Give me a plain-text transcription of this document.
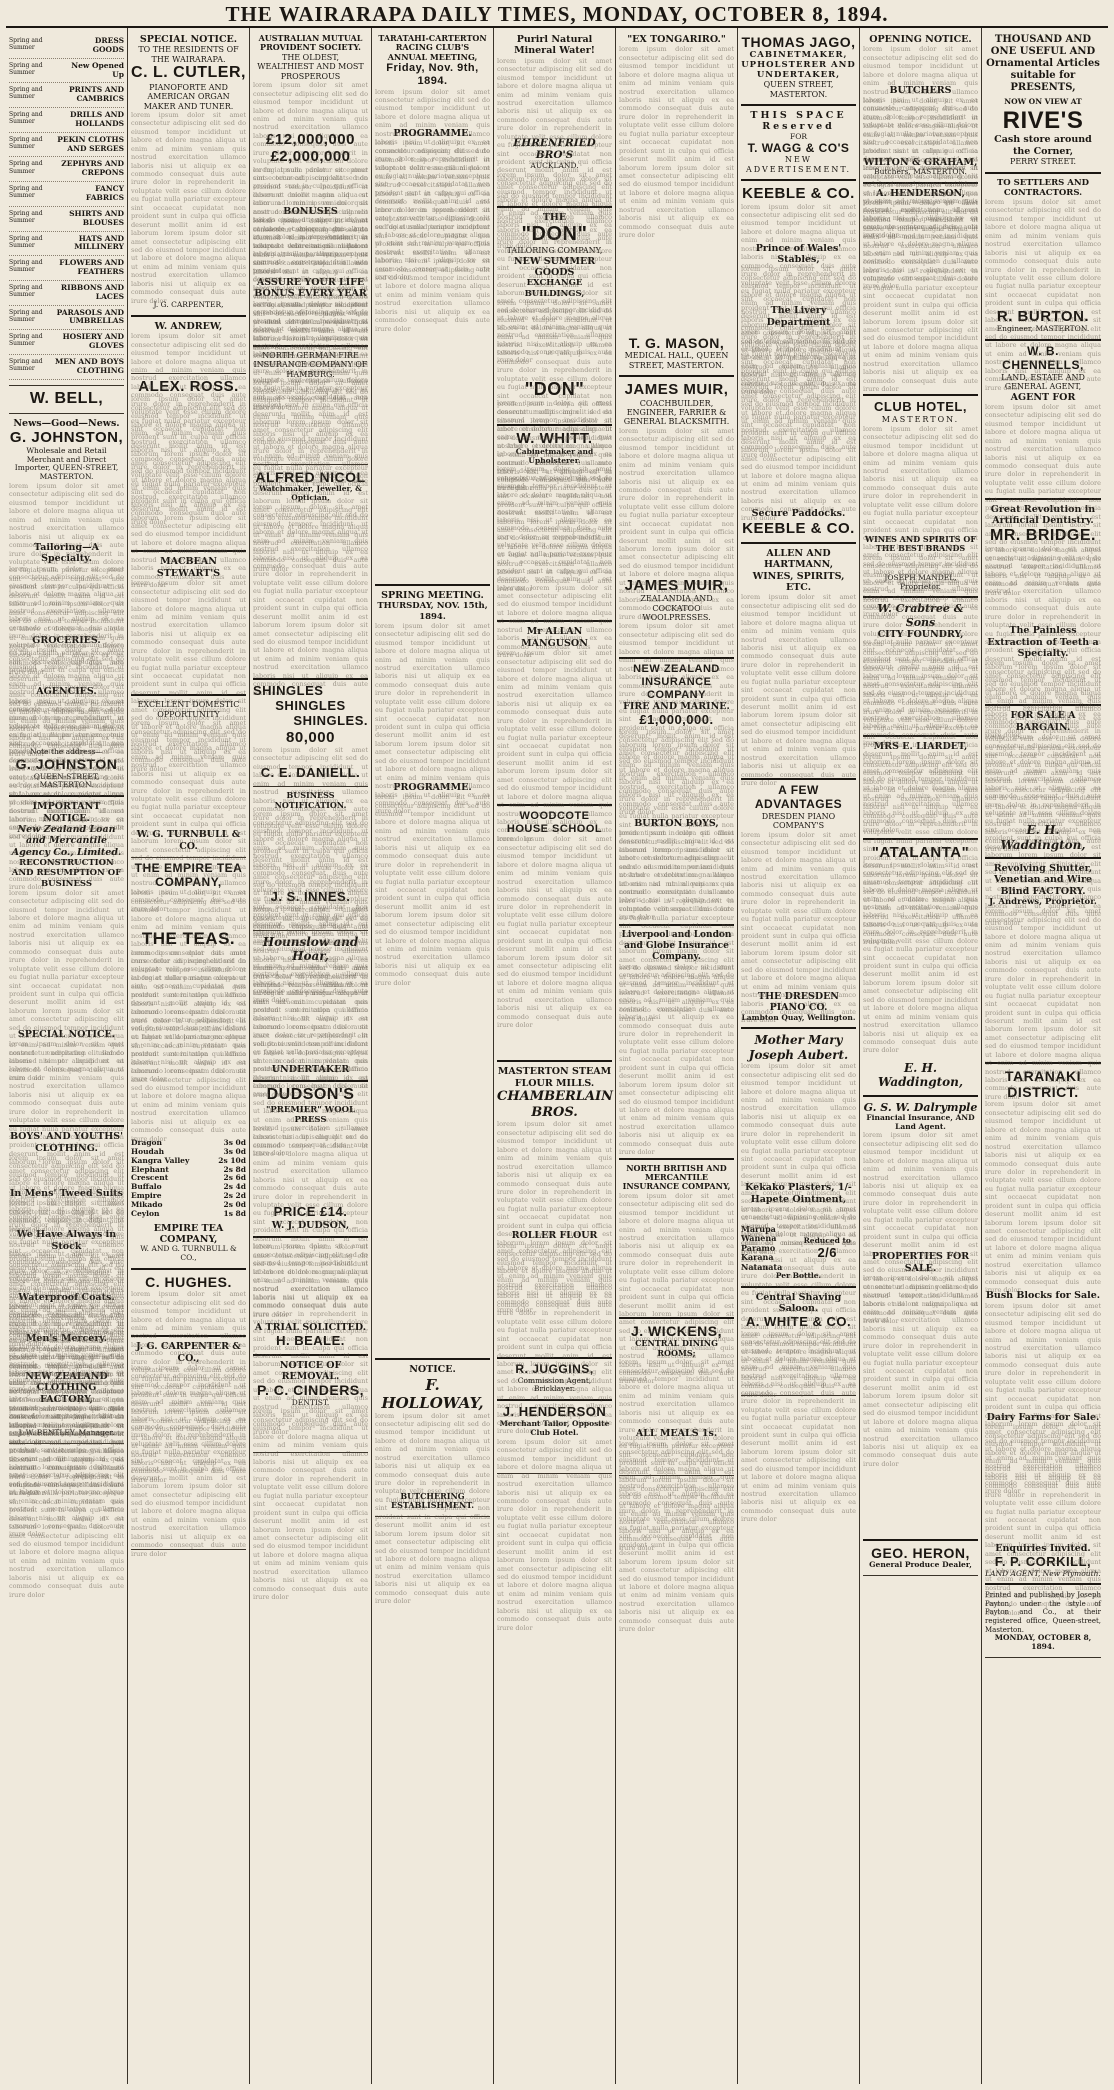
THE WAIRARAPA DAILY TIMES, MONDAY, OCTOBER 8, 1894.
Spring and Summer
DRESS GOODS
Spring and Summer
New Opened Up
Spring and Summer
PRINTS AND CAMBRICS
Spring and Summer
DRILLS AND HOLLANDS
Spring and Summer
PEKIN CLOTHS AND SERGES
Spring and Summer
ZEPHYRS AND CREPONS
Spring and Summer
FANCY FABRICS
Spring and Summer
SHIRTS AND BLOUSES
Spring and Summer
HATS AND MILLINERY
Spring and Summer
FLOWERS AND FEATHERS
Spring and Summer
RIBBONS AND LACES
Spring and Summer
PARASOLS AND UMBRELLAS
Spring and Summer
HOSIERY AND GLOVES
Spring and Summer
MEN AND BOYS CLOTHING
W. BELL,
News—Good—News.
G. JOHNSTON,
Wholesale and Retail Merchant and Direct Importer, QUEEN-STREET, MASTERTON.
lorem ipsum dolor sit amet consectetur adipiscing elit sed do eiusmod tempor incididunt ut labore et dolore magna aliqua ut enim ad minim veniam quis nostrud exercitation ullamco laboris nisi ut aliquip ex ea commodo consequat duis aute irure dolor in reprehenderit in voluptate velit esse cillum dolore eu fugiat nulla pariatur excepteur sint occaecat cupidatat non proident sunt in culpa qui officia deserunt mollit anim id est laborum lorem ipsum dolor sit amet consectetur adipiscing elit sed do eiusmod tempor incididunt ut labore et dolore magna aliqua ut enim ad minim veniam quis nostrud exercitation ullamco laboris nisi ut aliquip ex ea commodo consequat duis aute irure dolor
Tailoring—A Specialty.
lorem ipsum dolor sit amet consectetur adipiscing elit sed do eiusmod tempor incididunt ut labore et dolore magna aliqua ut enim ad minim veniam quis nostrud exercitation ullamco laboris nisi ut aliquip ex ea commodo consequat duis aute irure dolor in reprehenderit in voluptate velit esse cillum dolore eu fugiat nulla pariatur excepteur sint occaecat cupidatat non proident sunt in culpa qui officia deserunt mollit anim id est laborum lorem ipsum dolor sit amet consectetur adipiscing elit sed do eiusmod tempor incididunt ut labore et dolore magna aliqua ut enim ad minim veniam quis nostrud exercitation ullamco laboris nisi ut aliquip ex ea commodo consequat duis aute irure dolor
GROCERIES.
lorem ipsum dolor sit amet consectetur adipiscing elit sed do eiusmod tempor incididunt ut labore et dolore magna aliqua ut enim ad minim veniam quis nostrud exercitation ullamco laboris nisi ut aliquip ex ea commodo consequat duis aute irure dolor in reprehenderit in voluptate velit esse cillum dolore eu fugiat nulla pariatur excepteur sint occaecat cupidatat non proident sunt in culpa qui officia deserunt mollit anim id est laborum lorem ipsum dolor sit amet consectetur adipiscing elit sed do eiusmod tempor incididunt ut labore et dolore magna aliqua ut enim ad minim veniam quis nostrud exercitation ullamco laboris nisi ut aliquip ex ea commodo consequat duis aute irure dolor
AGENCIES.
lorem ipsum dolor sit amet consectetur adipiscing elit sed do eiusmod tempor incididunt ut labore et dolore magna aliqua ut enim ad minim veniam quis nostrud exercitation ullamco laboris nisi ut aliquip ex ea commodo consequat duis aute irure dolor in reprehenderit in voluptate velit esse cillum dolore eu fugiat nulla pariatur excepteur sint occaecat cupidatat non proident sunt in culpa qui officia deserunt mollit anim id est laborum lorem ipsum dolor sit amet consectetur adipiscing elit sed do eiusmod tempor incididunt ut labore et dolore magna aliqua ut enim ad minim veniam quis nostrud exercitation ullamco laboris nisi ut aliquip ex ea commodo consequat duis aute irure dolor
Note the address—
G. JOHNSTON
QUEEN-STREET, MASTERTON.
IMPORTANT NOTICE.
New Zealand Loan and Mercantile Agency Co., Limited.
RECONSTRUCTION AND RESUMPTION OF BUSINESS
lorem ipsum dolor sit amet consectetur adipiscing elit sed do eiusmod tempor incididunt ut labore et dolore magna aliqua ut enim ad minim veniam quis nostrud exercitation ullamco laboris nisi ut aliquip ex ea commodo consequat duis aute irure dolor in reprehenderit in voluptate velit esse cillum dolore eu fugiat nulla pariatur excepteur sint occaecat cupidatat non proident sunt in culpa qui officia deserunt mollit anim id est laborum lorem ipsum dolor sit amet consectetur adipiscing elit sed do eiusmod tempor incididunt ut labore et dolore magna aliqua ut enim ad minim veniam quis nostrud exercitation ullamco laboris nisi ut aliquip ex ea commodo consequat duis aute irure dolor
SPECIAL NOTICE.
lorem ipsum dolor sit amet consectetur adipiscing elit sed do eiusmod tempor incididunt ut labore et dolore magna aliqua ut enim ad minim veniam quis nostrud exercitation ullamco laboris nisi ut aliquip ex ea commodo consequat duis aute irure dolor in reprehenderit in voluptate velit esse cillum dolore eu fugiat nulla pariatur excepteur sint occaecat cupidatat non proident sunt in culpa qui officia deserunt mollit anim id est laborum lorem ipsum dolor sit amet consectetur adipiscing elit sed do eiusmod tempor incididunt ut labore et dolore magna aliqua ut enim ad minim veniam quis nostrud exercitation ullamco laboris nisi ut aliquip ex ea commodo consequat duis aute irure dolor
BOYS' AND YOUTHS' CLOTHING.
lorem ipsum dolor sit amet consectetur adipiscing elit sed do eiusmod tempor incididunt ut labore et dolore magna aliqua ut enim ad minim veniam quis nostrud exercitation ullamco laboris nisi ut aliquip ex ea commodo consequat duis aute irure dolor in reprehenderit in voluptate velit esse cillum dolore eu fugiat nulla pariatur excepteur sint occaecat cupidatat non proident sunt in culpa qui officia deserunt mollit anim id est laborum lorem ipsum dolor sit amet consectetur adipiscing elit sed do eiusmod tempor incididunt ut labore et dolore magna aliqua ut enim ad minim veniam quis nostrud exercitation ullamco laboris nisi ut aliquip ex ea commodo consequat duis aute irure dolor
In Mens' Tweed Suits
lorem ipsum dolor sit amet consectetur adipiscing elit sed do eiusmod tempor incididunt ut labore et dolore magna aliqua ut enim ad minim veniam quis nostrud exercitation ullamco laboris nisi ut aliquip ex ea commodo consequat duis aute irure dolor in reprehenderit in voluptate velit esse cillum dolore eu fugiat nulla pariatur excepteur sint occaecat cupidatat non proident sunt in culpa qui officia deserunt mollit anim id est laborum lorem ipsum dolor sit amet consectetur adipiscing elit sed do eiusmod tempor incididunt ut labore et dolore magna aliqua ut enim ad minim veniam quis nostrud exercitation ullamco laboris nisi ut aliquip ex ea commodo consequat duis aute irure dolor
We Have Always in Stock
lorem ipsum dolor sit amet consectetur adipiscing elit sed do eiusmod tempor incididunt ut labore et dolore magna aliqua ut enim ad minim veniam quis nostrud exercitation ullamco laboris nisi ut aliquip ex ea commodo consequat duis aute irure dolor in reprehenderit in voluptate velit esse cillum dolore eu fugiat nulla pariatur excepteur sint occaecat cupidatat non proident sunt in culpa qui officia deserunt mollit anim id est laborum lorem ipsum dolor sit amet consectetur adipiscing elit sed do eiusmod tempor incididunt ut labore et dolore magna aliqua ut enim ad minim veniam quis nostrud exercitation ullamco laboris nisi ut aliquip ex ea commodo consequat duis aute irure dolor
Waterproof Coats.
lorem ipsum dolor sit amet consectetur adipiscing elit sed do eiusmod tempor incididunt ut labore et dolore magna aliqua ut enim ad minim veniam quis nostrud exercitation ullamco laboris nisi ut aliquip ex ea commodo consequat duis aute irure dolor in reprehenderit in voluptate velit esse cillum dolore eu fugiat nulla pariatur excepteur sint occaecat cupidatat non proident sunt in culpa qui officia deserunt mollit anim id est laborum lorem ipsum dolor sit amet consectetur adipiscing elit sed do eiusmod tempor incididunt ut labore et dolore magna aliqua ut enim ad minim veniam quis nostrud exercitation ullamco laboris nisi ut aliquip ex ea commodo consequat duis aute irure dolor
Men's Mercery.
lorem ipsum dolor sit amet consectetur adipiscing elit sed do eiusmod tempor incididunt ut labore et dolore magna aliqua ut enim ad minim veniam quis nostrud exercitation ullamco laboris nisi ut aliquip ex ea commodo consequat duis aute irure dolor in reprehenderit in voluptate velit esse cillum dolore eu fugiat nulla pariatur excepteur sint occaecat cupidatat non proident sunt in culpa qui officia deserunt mollit anim id est laborum lorem ipsum dolor sit amet consectetur adipiscing elit sed do eiusmod tempor incididunt ut labore et dolore magna aliqua ut enim ad minim veniam quis nostrud exercitation ullamco laboris nisi ut aliquip ex ea commodo consequat duis aute irure dolor
NEW ZEALAND CLOTHING FACTORY,
lorem ipsum dolor sit amet consectetur adipiscing elit sed do eiusmod tempor incididunt ut labore et dolore magna aliqua ut enim ad minim veniam quis nostrud exercitation ullamco laboris nisi ut aliquip ex ea commodo consequat duis aute irure dolor in reprehenderit in voluptate velit esse cillum dolore eu fugiat nulla pariatur excepteur sint occaecat cupidatat non proident sunt in culpa qui officia deserunt mollit anim id est laborum lorem ipsum dolor sit amet consectetur adipiscing elit sed do eiusmod tempor incididunt ut labore et dolore magna aliqua ut enim ad minim veniam quis nostrud exercitation ullamco laboris nisi ut aliquip ex ea commodo consequat duis aute irure dolor
J. W. BENTLEY, Manager.
SPECIAL NOTICE.
TO THE RESIDENTS OF THE WAIRARAPA.
C. L. CUTLER,
PIANOFORTE AND AMERICAN ORGAN MAKER AND TUNER.
lorem ipsum dolor sit amet consectetur adipiscing elit sed do eiusmod tempor incididunt ut labore et dolore magna aliqua ut enim ad minim veniam quis nostrud exercitation ullamco laboris nisi ut aliquip ex ea commodo consequat duis aute irure dolor in reprehenderit in voluptate velit esse cillum dolore eu fugiat nulla pariatur excepteur sint occaecat cupidatat non proident sunt in culpa qui officia deserunt mollit anim id est laborum lorem ipsum dolor sit amet consectetur adipiscing elit sed do eiusmod tempor incididunt ut labore et dolore magna aliqua ut enim ad minim veniam quis nostrud exercitation ullamco laboris nisi ut aliquip ex ea commodo consequat duis aute irure dolor
J. G. CARPENTER,
W. ANDREW,
lorem ipsum dolor sit amet consectetur adipiscing elit sed do eiusmod tempor incididunt ut labore et dolore magna aliqua ut enim ad minim veniam quis nostrud exercitation ullamco laboris nisi ut aliquip ex ea commodo consequat duis aute irure dolor in reprehenderit in voluptate velit esse cillum dolore eu fugiat nulla pariatur excepteur sint occaecat cupidatat non proident sunt in culpa qui officia deserunt mollit anim id est laborum lorem ipsum dolor sit amet consectetur adipiscing elit sed do eiusmod tempor incididunt ut labore et dolore magna aliqua ut enim ad minim veniam quis nostrud exercitation ullamco laboris nisi ut aliquip ex ea commodo consequat duis aute irure dolor
ALEX. ROSS.
lorem ipsum dolor sit amet consectetur adipiscing elit sed do eiusmod tempor incididunt ut labore et dolore magna aliqua ut enim ad minim veniam quis nostrud exercitation ullamco laboris nisi ut aliquip ex ea commodo consequat duis aute irure dolor in reprehenderit in voluptate velit esse cillum dolore eu fugiat nulla pariatur excepteur sint occaecat cupidatat non proident sunt in culpa qui officia deserunt mollit anim id est laborum lorem ipsum dolor sit amet consectetur adipiscing elit sed do eiusmod tempor incididunt ut labore et dolore magna aliqua ut enim ad minim veniam quis nostrud exercitation ullamco laboris nisi ut aliquip ex ea commodo consequat duis aute irure dolor
MACBEAN STEWART'S
lorem ipsum dolor sit amet consectetur adipiscing elit sed do eiusmod tempor incididunt ut labore et dolore magna aliqua ut enim ad minim veniam quis nostrud exercitation ullamco laboris nisi ut aliquip ex ea commodo consequat duis aute irure dolor in reprehenderit in voluptate velit esse cillum dolore eu fugiat nulla pariatur excepteur sint occaecat cupidatat non proident sunt in culpa qui officia deserunt mollit anim id est laborum lorem ipsum dolor sit amet consectetur adipiscing elit sed do eiusmod tempor incididunt ut labore et dolore magna aliqua ut enim ad minim veniam quis nostrud exercitation ullamco laboris nisi ut aliquip ex ea commodo consequat duis aute irure dolor
EXCELLENT DOMESTIC OPPORTUNITY
lorem ipsum dolor sit amet consectetur adipiscing elit sed do eiusmod tempor incididunt ut labore et dolore magna aliqua ut enim ad minim veniam quis nostrud exercitation ullamco laboris nisi ut aliquip ex ea commodo consequat duis aute irure dolor in reprehenderit in voluptate velit esse cillum dolore eu fugiat nulla pariatur excepteur sint occaecat cupidatat non proident sunt in culpa qui officia deserunt mollit anim id est laborum lorem ipsum dolor sit amet consectetur adipiscing elit sed do eiusmod tempor incididunt ut labore et dolore magna aliqua ut enim ad minim veniam quis nostrud exercitation ullamco laboris nisi ut aliquip ex ea commodo consequat duis aute irure dolor
W. G. TURNBULL & CO.
THE EMPIRE TEA COMPANY,
lorem ipsum dolor sit amet consectetur adipiscing elit sed do eiusmod tempor incididunt ut labore et dolore magna aliqua ut enim ad minim veniam quis nostrud exercitation ullamco laboris nisi ut aliquip ex ea commodo consequat duis aute irure dolor in reprehenderit in voluptate velit esse cillum dolore eu fugiat nulla pariatur excepteur sint occaecat cupidatat non proident sunt in culpa qui officia deserunt mollit anim id est laborum lorem ipsum dolor sit amet consectetur adipiscing elit sed do eiusmod tempor incididunt ut labore et dolore magna aliqua ut enim ad minim veniam quis nostrud exercitation ullamco laboris nisi ut aliquip ex ea commodo consequat duis aute irure dolor
THE TEAS.
lorem ipsum dolor sit amet consectetur adipiscing elit sed do eiusmod tempor incididunt ut labore et dolore magna aliqua ut enim ad minim veniam quis nostrud exercitation ullamco laboris nisi ut aliquip ex ea commodo consequat duis aute irure dolor in reprehenderit in voluptate velit esse cillum dolore eu fugiat nulla pariatur excepteur sint occaecat cupidatat non proident sunt in culpa qui officia deserunt mollit anim id est laborum lorem ipsum dolor sit amet consectetur adipiscing elit sed do eiusmod tempor incididunt ut labore et dolore magna aliqua ut enim ad minim veniam quis nostrud exercitation ullamco laboris nisi ut aliquip ex ea commodo consequat duis aute irure dolor
Dragon	3s 0d
Houdah	3s 0d
Kangra Valley	2s 10d
Elephant	2s 8d
Crescent	2s 6d
Buffalo	2s 4d
Empire	2s 2d
Mikado	2s 0d
Ceylon	1s 8d
EMPIRE TEA COMPANY,
W. AND G. TURNBULL & CO.,
C. HUGHES.
lorem ipsum dolor sit amet consectetur adipiscing elit sed do eiusmod tempor incididunt ut labore et dolore magna aliqua ut enim ad minim veniam quis nostrud exercitation ullamco laboris nisi ut aliquip ex ea commodo consequat duis aute irure dolor in reprehenderit in voluptate velit esse cillum dolore eu fugiat nulla pariatur excepteur sint occaecat cupidatat non proident sunt in culpa qui officia deserunt mollit anim id est laborum lorem ipsum dolor sit amet consectetur adipiscing elit sed do eiusmod tempor incididunt ut labore et dolore magna aliqua ut enim ad minim veniam quis nostrud exercitation ullamco laboris nisi ut aliquip ex ea commodo consequat duis aute irure dolor
J. G. CARPENTER & CO.,
lorem ipsum dolor sit amet consectetur adipiscing elit sed do eiusmod tempor incididunt ut labore et dolore magna aliqua ut enim ad minim veniam quis nostrud exercitation ullamco laboris nisi ut aliquip ex ea commodo consequat duis aute irure dolor in reprehenderit in voluptate velit esse cillum dolore eu fugiat nulla pariatur excepteur sint occaecat cupidatat non proident sunt in culpa qui officia deserunt mollit anim id est laborum lorem ipsum dolor sit amet consectetur adipiscing elit sed do eiusmod tempor incididunt ut labore et dolore magna aliqua ut enim ad minim veniam quis nostrud exercitation ullamco laboris nisi ut aliquip ex ea commodo consequat duis aute irure dolor
AUSTRALIAN MUTUAL PROVIDENT SOCIETY.
THE OLDEST, WEALTHIEST AND MOST PROSPEROUS
lorem ipsum dolor sit amet consectetur adipiscing elit sed do eiusmod tempor incididunt ut labore et dolore magna aliqua ut enim ad minim veniam quis nostrud exercitation ullamco laboris nisi ut aliquip ex ea commodo consequat duis aute irure dolor in reprehenderit in voluptate velit esse cillum dolore eu fugiat nulla pariatur excepteur sint occaecat cupidatat non proident sunt in culpa qui officia deserunt mollit anim id est laborum lorem ipsum dolor sit amet consectetur adipiscing elit sed do eiusmod tempor incididunt ut labore et dolore magna aliqua ut enim ad minim veniam quis nostrud exercitation ullamco laboris nisi ut aliquip ex ea commodo consequat duis aute irure dolor
£12,000,000
£2,000,000
lorem ipsum dolor sit amet consectetur adipiscing elit sed do eiusmod tempor incididunt ut labore et dolore magna aliqua ut enim ad minim veniam quis nostrud exercitation ullamco laboris nisi ut aliquip ex ea commodo consequat duis aute irure dolor in reprehenderit in voluptate velit esse cillum dolore eu fugiat nulla pariatur excepteur sint occaecat cupidatat non proident sunt in culpa qui officia deserunt mollit anim id est laborum lorem ipsum dolor sit amet consectetur adipiscing elit sed do eiusmod tempor incididunt ut labore et dolore magna aliqua ut enim ad minim veniam quis nostrud exercitation ullamco laboris nisi ut aliquip ex ea commodo consequat duis aute irure dolor
BONUSES
lorem ipsum dolor sit amet consectetur adipiscing elit sed do eiusmod tempor incididunt ut labore et dolore magna aliqua ut enim ad minim veniam quis nostrud exercitation ullamco laboris nisi ut aliquip ex ea commodo consequat duis aute irure dolor in reprehenderit in voluptate velit esse cillum dolore eu fugiat nulla pariatur excepteur sint occaecat cupidatat non proident sunt in culpa qui officia deserunt mollit anim id est laborum lorem ipsum dolor sit amet consectetur adipiscing elit sed do eiusmod tempor incididunt ut labore et dolore magna aliqua ut enim ad minim veniam quis nostrud exercitation ullamco laboris nisi ut aliquip ex ea commodo consequat duis aute irure dolor
ASSURE YOUR LIFE
BONUS EVERY YEAR
lorem ipsum dolor sit amet consectetur adipiscing elit sed do eiusmod tempor incididunt ut labore et dolore magna aliqua ut enim ad minim veniam quis nostrud exercitation ullamco laboris nisi ut aliquip ex ea commodo consequat duis aute irure dolor in reprehenderit in voluptate velit esse cillum dolore eu fugiat nulla pariatur excepteur sint occaecat cupidatat non proident sunt in culpa qui officia deserunt mollit anim id est laborum lorem ipsum dolor sit amet consectetur adipiscing elit sed do eiusmod tempor incididunt ut labore et dolore magna aliqua ut enim ad minim veniam quis nostrud exercitation ullamco laboris nisi ut aliquip ex ea commodo consequat duis aute irure dolor
NORTH GERMAN FIRE INSURANCE COMPANY OF HAMBURG.
lorem ipsum dolor sit amet consectetur adipiscing elit sed do eiusmod tempor incididunt ut labore et dolore magna aliqua ut enim ad minim veniam quis nostrud exercitation ullamco laboris nisi ut aliquip ex ea commodo consequat duis aute irure dolor in reprehenderit in voluptate velit esse cillum dolore eu fugiat nulla pariatur excepteur sint occaecat cupidatat non proident sunt in culpa qui officia deserunt mollit anim id est laborum lorem ipsum dolor sit amet consectetur adipiscing elit sed do eiusmod tempor incididunt ut labore et dolore magna aliqua ut enim ad minim veniam quis nostrud exercitation ullamco laboris nisi ut aliquip ex ea commodo consequat duis aute irure dolor
ALFRED NICOL
Watchmaker, Jeweller, & Optician,
lorem ipsum dolor sit amet consectetur adipiscing elit sed do eiusmod tempor incididunt ut labore et dolore magna aliqua ut enim ad minim veniam quis nostrud exercitation ullamco laboris nisi ut aliquip ex ea commodo consequat duis aute irure dolor in reprehenderit in voluptate velit esse cillum dolore eu fugiat nulla pariatur excepteur sint occaecat cupidatat non proident sunt in culpa qui officia deserunt mollit anim id est laborum lorem ipsum dolor sit amet consectetur adipiscing elit sed do eiusmod tempor incididunt ut labore et dolore magna aliqua ut enim ad minim veniam quis nostrud exercitation ullamco laboris nisi ut aliquip ex ea commodo consequat duis aute irure dolor
SHINGLES
SHINGLES
SHINGLES.
80,000
lorem ipsum dolor sit amet consectetur adipiscing elit sed do eiusmod tempor incididunt ut labore et dolore magna aliqua ut enim ad minim veniam quis nostrud exercitation ullamco laboris nisi ut aliquip ex ea commodo consequat duis aute irure dolor in reprehenderit in voluptate velit esse cillum dolore eu fugiat nulla pariatur excepteur sint occaecat cupidatat non proident sunt in culpa qui officia deserunt mollit anim id est laborum lorem ipsum dolor sit amet consectetur adipiscing elit sed do eiusmod tempor incididunt ut labore et dolore magna aliqua ut enim ad minim veniam quis nostrud exercitation ullamco laboris nisi ut aliquip ex ea commodo consequat duis aute irure dolor
C. E. DANIELL.
BUSINESS NOTIFICATION.
lorem ipsum dolor sit amet consectetur adipiscing elit sed do eiusmod tempor incididunt ut labore et dolore magna aliqua ut enim ad minim veniam quis nostrud exercitation ullamco laboris nisi ut aliquip ex ea commodo consequat duis aute irure dolor in reprehenderit in voluptate velit esse cillum dolore eu fugiat nulla pariatur excepteur sint occaecat cupidatat non proident sunt in culpa qui officia deserunt mollit anim id est laborum lorem ipsum dolor sit amet consectetur adipiscing elit sed do eiusmod tempor incididunt ut labore et dolore magna aliqua ut enim ad minim veniam quis nostrud exercitation ullamco laboris nisi ut aliquip ex ea commodo consequat duis aute irure dolor
J. S. INNES.
lorem ipsum dolor sit amet consectetur adipiscing elit sed do eiusmod tempor incididunt ut labore et dolore magna aliqua ut enim ad minim veniam quis nostrud exercitation ullamco laboris nisi ut aliquip ex ea commodo consequat duis aute irure dolor in reprehenderit in voluptate velit esse cillum dolore eu fugiat nulla pariatur excepteur sint occaecat cupidatat non proident sunt in culpa qui officia deserunt mollit anim id est laborum lorem ipsum dolor sit amet consectetur adipiscing elit sed do eiusmod tempor incididunt ut labore et dolore magna aliqua ut enim ad minim veniam quis nostrud exercitation ullamco laboris nisi ut aliquip ex ea commodo consequat duis aute irure dolor
Hounslow and Hoar,
lorem ipsum dolor sit amet consectetur adipiscing elit sed do eiusmod tempor incididunt ut labore et dolore magna aliqua ut enim ad minim veniam quis nostrud exercitation ullamco laboris nisi ut aliquip ex ea commodo consequat duis aute irure dolor in reprehenderit in voluptate velit esse cillum dolore eu fugiat nulla pariatur excepteur sint occaecat cupidatat non proident sunt in culpa qui officia deserunt mollit anim id est laborum lorem ipsum dolor sit amet consectetur adipiscing elit sed do eiusmod tempor incididunt ut labore et dolore magna aliqua ut enim ad minim veniam quis nostrud exercitation ullamco laboris nisi ut aliquip ex ea commodo consequat duis aute irure dolor
UNDERTAKER
DUDSON'S
"PREMIER" WOOL PRESS
lorem ipsum dolor sit amet consectetur adipiscing elit sed do eiusmod tempor incididunt ut labore et dolore magna aliqua ut enim ad minim veniam quis nostrud exercitation ullamco laboris nisi ut aliquip ex ea commodo consequat duis aute irure dolor in reprehenderit in voluptate velit esse cillum dolore eu fugiat nulla pariatur excepteur sint occaecat cupidatat non proident sunt in culpa qui officia deserunt mollit anim id est laborum lorem ipsum dolor sit amet consectetur adipiscing elit sed do eiusmod tempor incididunt ut labore et dolore magna aliqua ut enim ad minim veniam quis nostrud exercitation ullamco laboris nisi ut aliquip ex ea commodo consequat duis aute irure dolor
PRICE £14.
W. J. DUDSON,
lorem ipsum dolor sit amet consectetur adipiscing elit sed do eiusmod tempor incididunt ut labore et dolore magna aliqua ut enim ad minim veniam quis nostrud exercitation ullamco laboris nisi ut aliquip ex ea commodo consequat duis aute irure dolor in reprehenderit in voluptate velit esse cillum dolore eu fugiat nulla pariatur excepteur sint occaecat cupidatat non proident sunt in culpa qui officia deserunt mollit anim id est laborum lorem ipsum dolor sit amet consectetur adipiscing elit sed do eiusmod tempor incididunt ut labore et dolore magna aliqua ut enim ad minim veniam quis nostrud exercitation ullamco laboris nisi ut aliquip ex ea commodo consequat duis aute irure dolor
A TRIAL SOLICITED.
H. BEALE.
NOTICE OF REMOVAL.
P. C. CINDERS,
DENTIST.
lorem ipsum dolor sit amet consectetur adipiscing elit sed do eiusmod tempor incididunt ut labore et dolore magna aliqua ut enim ad minim veniam quis nostrud exercitation ullamco laboris nisi ut aliquip ex ea commodo consequat duis aute irure dolor in reprehenderit in voluptate velit esse cillum dolore eu fugiat nulla pariatur excepteur sint occaecat cupidatat non proident sunt in culpa qui officia deserunt mollit anim id est laborum lorem ipsum dolor sit amet consectetur adipiscing elit sed do eiusmod tempor incididunt ut labore et dolore magna aliqua ut enim ad minim veniam quis nostrud exercitation ullamco laboris nisi ut aliquip ex ea commodo consequat duis aute irure dolor
TARATAHI-CARTERTON RACING CLUB'S ANNUAL MEETING,
Friday, Nov. 9th, 1894.
lorem ipsum dolor sit amet consectetur adipiscing elit sed do eiusmod tempor incididunt ut labore et dolore magna aliqua ut enim ad minim veniam quis nostrud exercitation ullamco laboris nisi ut aliquip ex ea commodo consequat duis aute irure dolor in reprehenderit in voluptate velit esse cillum dolore eu fugiat nulla pariatur excepteur sint occaecat cupidatat non proident sunt in culpa qui officia deserunt mollit anim id est laborum lorem ipsum dolor sit amet consectetur adipiscing elit sed do eiusmod tempor incididunt ut labore et dolore magna aliqua ut enim ad minim veniam quis nostrud exercitation ullamco laboris nisi ut aliquip ex ea commodo consequat duis aute irure dolor
PROGRAMME.
lorem ipsum dolor sit amet consectetur adipiscing elit sed do eiusmod tempor incididunt ut labore et dolore magna aliqua ut enim ad minim veniam quis nostrud exercitation ullamco laboris nisi ut aliquip ex ea commodo consequat duis aute irure dolor in reprehenderit in voluptate velit esse cillum dolore eu fugiat nulla pariatur excepteur sint occaecat cupidatat non proident sunt in culpa qui officia deserunt mollit anim id est laborum lorem ipsum dolor sit amet consectetur adipiscing elit sed do eiusmod tempor incididunt ut labore et dolore magna aliqua ut enim ad minim veniam quis nostrud exercitation ullamco laboris nisi ut aliquip ex ea commodo consequat duis aute irure dolor
SPRING MEETING.
THURSDAY, NOV. 15th, 1894.
lorem ipsum dolor sit amet consectetur adipiscing elit sed do eiusmod tempor incididunt ut labore et dolore magna aliqua ut enim ad minim veniam quis nostrud exercitation ullamco laboris nisi ut aliquip ex ea commodo consequat duis aute irure dolor in reprehenderit in voluptate velit esse cillum dolore eu fugiat nulla pariatur excepteur sint occaecat cupidatat non proident sunt in culpa qui officia deserunt mollit anim id est laborum lorem ipsum dolor sit amet consectetur adipiscing elit sed do eiusmod tempor incididunt ut labore et dolore magna aliqua ut enim ad minim veniam quis nostrud exercitation ullamco laboris nisi ut aliquip ex ea commodo consequat duis aute irure dolor
PROGRAMME.
lorem ipsum dolor sit amet consectetur adipiscing elit sed do eiusmod tempor incididunt ut labore et dolore magna aliqua ut enim ad minim veniam quis nostrud exercitation ullamco laboris nisi ut aliquip ex ea commodo consequat duis aute irure dolor in reprehenderit in voluptate velit esse cillum dolore eu fugiat nulla pariatur excepteur sint occaecat cupidatat non proident sunt in culpa qui officia deserunt mollit anim id est laborum lorem ipsum dolor sit amet consectetur adipiscing elit sed do eiusmod tempor incididunt ut labore et dolore magna aliqua ut enim ad minim veniam quis nostrud exercitation ullamco laboris nisi ut aliquip ex ea commodo consequat duis aute irure dolor
NOTICE.
F. HOLLOWAY,
lorem ipsum dolor sit amet consectetur adipiscing elit sed do eiusmod tempor incididunt ut labore et dolore magna aliqua ut enim ad minim veniam quis nostrud exercitation ullamco laboris nisi ut aliquip ex ea commodo consequat duis aute irure dolor in reprehenderit in voluptate velit esse cillum dolore eu fugiat nulla pariatur excepteur sint occaecat cupidatat non proident sunt in culpa qui officia deserunt mollit anim id est laborum lorem ipsum dolor sit amet consectetur adipiscing elit sed do eiusmod tempor incididunt ut labore et dolore magna aliqua ut enim ad minim veniam quis nostrud exercitation ullamco laboris nisi ut aliquip ex ea commodo consequat duis aute irure dolor
BUTCHERING ESTABLISHMENT.
Purirl Natural Mineral Water!
lorem ipsum dolor sit amet consectetur adipiscing elit sed do eiusmod tempor incididunt ut labore et dolore magna aliqua ut enim ad minim veniam quis nostrud exercitation ullamco laboris nisi ut aliquip ex ea commodo consequat duis aute irure dolor in reprehenderit in voluptate velit esse cillum dolore eu fugiat nulla pariatur excepteur sint occaecat cupidatat non proident sunt in culpa qui officia deserunt mollit anim id est laborum lorem ipsum dolor sit amet consectetur adipiscing elit sed do eiusmod tempor incididunt ut labore et dolore magna aliqua ut enim ad minim veniam quis nostrud exercitation ullamco laboris nisi ut aliquip ex ea commodo consequat duis aute irure dolor
EHRENFRIED BRO'S
AUCKLAND.
lorem ipsum dolor sit amet consectetur adipiscing elit sed do eiusmod tempor incididunt ut labore et dolore magna aliqua ut enim ad minim veniam quis nostrud exercitation ullamco laboris nisi ut aliquip ex ea commodo consequat duis aute irure dolor in reprehenderit in voluptate velit esse cillum dolore eu fugiat nulla pariatur excepteur sint occaecat cupidatat non proident sunt in culpa qui officia deserunt mollit anim id est laborum lorem ipsum dolor sit amet consectetur adipiscing elit sed do eiusmod tempor incididunt ut labore et dolore magna aliqua ut enim ad minim veniam quis nostrud exercitation ullamco laboris nisi ut aliquip ex ea commodo consequat duis aute irure dolor
THE
"DON"
TAILORING COMPANY,
NEW SUMMER GOODS
EXCHANGE BUILDINGS,
lorem ipsum dolor sit amet consectetur adipiscing elit sed do eiusmod tempor incididunt ut labore et dolore magna aliqua ut enim ad minim veniam quis nostrud exercitation ullamco laboris nisi ut aliquip ex ea commodo consequat duis aute irure dolor in reprehenderit in voluptate velit esse cillum dolore eu fugiat nulla pariatur excepteur sint occaecat cupidatat non proident sunt in culpa qui officia deserunt mollit anim id est laborum lorem ipsum dolor sit amet consectetur adipiscing elit sed do eiusmod tempor incididunt ut labore et dolore magna aliqua ut enim ad minim veniam quis nostrud exercitation ullamco laboris nisi ut aliquip ex ea commodo consequat duis aute irure dolor
"DON"
lorem ipsum dolor sit amet consectetur adipiscing elit sed do eiusmod tempor incididunt ut labore et dolore magna aliqua ut enim ad minim veniam quis nostrud exercitation ullamco laboris nisi ut aliquip ex ea commodo consequat duis aute irure dolor in reprehenderit in voluptate velit esse cillum dolore eu fugiat nulla pariatur excepteur sint occaecat cupidatat non proident sunt in culpa qui officia deserunt mollit anim id est laborum lorem ipsum dolor sit amet consectetur adipiscing elit sed do eiusmod tempor incididunt ut labore et dolore magna aliqua ut enim ad minim veniam quis nostrud exercitation ullamco laboris nisi ut aliquip ex ea commodo consequat duis aute irure dolor
W. WHITT.
Cabinetmaker and Upholsterer.
lorem ipsum dolor sit amet consectetur adipiscing elit sed do eiusmod tempor incididunt ut labore et dolore magna aliqua ut enim ad minim veniam quis nostrud exercitation ullamco laboris nisi ut aliquip ex ea commodo consequat duis aute irure dolor in reprehenderit in voluptate velit esse cillum dolore eu fugiat nulla pariatur excepteur sint occaecat cupidatat non proident sunt in culpa qui officia deserunt mollit anim id est laborum lorem ipsum dolor sit amet consectetur adipiscing elit sed do eiusmod tempor incididunt ut labore et dolore magna aliqua ut enim ad minim veniam quis nostrud exercitation ullamco laboris nisi ut aliquip ex ea commodo consequat duis aute irure dolor
Mr ALLAN MANGUSON
lorem ipsum dolor sit amet consectetur adipiscing elit sed do eiusmod tempor incididunt ut labore et dolore magna aliqua ut enim ad minim veniam quis nostrud exercitation ullamco laboris nisi ut aliquip ex ea commodo consequat duis aute irure dolor in reprehenderit in voluptate velit esse cillum dolore eu fugiat nulla pariatur excepteur sint occaecat cupidatat non proident sunt in culpa qui officia deserunt mollit anim id est laborum lorem ipsum dolor sit amet consectetur adipiscing elit sed do eiusmod tempor incididunt ut labore et dolore magna aliqua ut enim ad minim veniam quis nostrud exercitation ullamco laboris nisi ut aliquip ex ea commodo consequat duis aute irure dolor
WOODCOTE HOUSE SCHOOL
lorem ipsum dolor sit amet consectetur adipiscing elit sed do eiusmod tempor incididunt ut labore et dolore magna aliqua ut enim ad minim veniam quis nostrud exercitation ullamco laboris nisi ut aliquip ex ea commodo consequat duis aute irure dolor in reprehenderit in voluptate velit esse cillum dolore eu fugiat nulla pariatur excepteur sint occaecat cupidatat non proident sunt in culpa qui officia deserunt mollit anim id est laborum lorem ipsum dolor sit amet consectetur adipiscing elit sed do eiusmod tempor incididunt ut labore et dolore magna aliqua ut enim ad minim veniam quis nostrud exercitation ullamco laboris nisi ut aliquip ex ea commodo consequat duis aute irure dolor
MASTERTON STEAM FLOUR MILLS.
CHAMBERLAIN BROS.
lorem ipsum dolor sit amet consectetur adipiscing elit sed do eiusmod tempor incididunt ut labore et dolore magna aliqua ut enim ad minim veniam quis nostrud exercitation ullamco laboris nisi ut aliquip ex ea commodo consequat duis aute irure dolor in reprehenderit in voluptate velit esse cillum dolore eu fugiat nulla pariatur excepteur sint occaecat cupidatat non proident sunt in culpa qui officia deserunt mollit anim id est laborum lorem ipsum dolor sit amet consectetur adipiscing elit sed do eiusmod tempor incididunt ut labore et dolore magna aliqua ut enim ad minim veniam quis nostrud exercitation ullamco laboris nisi ut aliquip ex ea commodo consequat duis aute irure dolor
ROLLER FLOUR
lorem ipsum dolor sit amet consectetur adipiscing elit sed do eiusmod tempor incididunt ut labore et dolore magna aliqua ut enim ad minim veniam quis nostrud exercitation ullamco laboris nisi ut aliquip ex ea commodo consequat duis aute irure dolor in reprehenderit in voluptate velit esse cillum dolore eu fugiat nulla pariatur excepteur sint occaecat cupidatat non proident sunt in culpa qui officia deserunt mollit anim id est laborum lorem ipsum dolor sit amet consectetur adipiscing elit sed do eiusmod tempor incididunt ut labore et dolore magna aliqua ut enim ad minim veniam quis nostrud exercitation ullamco laboris nisi ut aliquip ex ea commodo consequat duis aute irure dolor
R. JUGGINS,
Commission Agent, Bricklayer.
J. HENDERSON
Merchant Tailor, Opposite Club Hotel.
lorem ipsum dolor sit amet consectetur adipiscing elit sed do eiusmod tempor incididunt ut labore et dolore magna aliqua ut enim ad minim veniam quis nostrud exercitation ullamco laboris nisi ut aliquip ex ea commodo consequat duis aute irure dolor in reprehenderit in voluptate velit esse cillum dolore eu fugiat nulla pariatur excepteur sint occaecat cupidatat non proident sunt in culpa qui officia deserunt mollit anim id est laborum lorem ipsum dolor sit amet consectetur adipiscing elit sed do eiusmod tempor incididunt ut labore et dolore magna aliqua ut enim ad minim veniam quis nostrud exercitation ullamco laboris nisi ut aliquip ex ea commodo consequat duis aute irure dolor
"EX TONGARIRO."
lorem ipsum dolor sit amet consectetur adipiscing elit sed do eiusmod tempor incididunt ut labore et dolore magna aliqua ut enim ad minim veniam quis nostrud exercitation ullamco laboris nisi ut aliquip ex ea commodo consequat duis aute irure dolor in reprehenderit in voluptate velit esse cillum dolore eu fugiat nulla pariatur excepteur sint occaecat cupidatat non proident sunt in culpa qui officia deserunt mollit anim id est laborum lorem ipsum dolor sit amet consectetur adipiscing elit sed do eiusmod tempor incididunt ut labore et dolore magna aliqua ut enim ad minim veniam quis nostrud exercitation ullamco laboris nisi ut aliquip ex ea commodo consequat duis aute irure dolor
T. G. MASON,
MEDICAL HALL, QUEEN STREET, MASTERTON.
JAMES MUIR,
COACHBUILDER, ENGINEER, FARRIER & GENERAL BLACKSMITH.
lorem ipsum dolor sit amet consectetur adipiscing elit sed do eiusmod tempor incididunt ut labore et dolore magna aliqua ut enim ad minim veniam quis nostrud exercitation ullamco laboris nisi ut aliquip ex ea commodo consequat duis aute irure dolor in reprehenderit in voluptate velit esse cillum dolore eu fugiat nulla pariatur excepteur sint occaecat cupidatat non proident sunt in culpa qui officia deserunt mollit anim id est laborum lorem ipsum dolor sit amet consectetur adipiscing elit sed do eiusmod tempor incididunt ut labore et dolore magna aliqua ut enim ad minim veniam quis nostrud exercitation ullamco laboris nisi ut aliquip ex ea commodo consequat duis aute irure dolor
JAMES MUIR,
ZEALANDIA AND COCKATOO WOOLPRESSES.
lorem ipsum dolor sit amet consectetur adipiscing elit sed do eiusmod tempor incididunt ut labore et dolore magna aliqua ut enim ad minim veniam quis nostrud exercitation ullamco laboris nisi ut aliquip ex ea commodo consequat duis aute irure dolor in reprehenderit in voluptate velit esse cillum dolore eu fugiat nulla pariatur excepteur sint occaecat cupidatat non proident sunt in culpa qui officia deserunt mollit anim id est laborum lorem ipsum dolor sit amet consectetur adipiscing elit sed do eiusmod tempor incididunt ut labore et dolore magna aliqua ut enim ad minim veniam quis nostrud exercitation ullamco laboris nisi ut aliquip ex ea commodo consequat duis aute irure dolor
NEW ZEALAND INSURANCE COMPANY
FIRE AND MARINE.
£1,000,000.
lorem ipsum dolor sit amet consectetur adipiscing elit sed do eiusmod tempor incididunt ut labore et dolore magna aliqua ut enim ad minim veniam quis nostrud exercitation ullamco laboris nisi ut aliquip ex ea commodo consequat duis aute irure dolor in reprehenderit in voluptate velit esse cillum dolore eu fugiat nulla pariatur excepteur sint occaecat cupidatat non proident sunt in culpa qui officia deserunt mollit anim id est laborum lorem ipsum dolor sit amet consectetur adipiscing elit sed do eiusmod tempor incididunt ut labore et dolore magna aliqua ut enim ad minim veniam quis nostrud exercitation ullamco laboris nisi ut aliquip ex ea commodo consequat duis aute irure dolor
BURTON BOYS,
lorem ipsum dolor sit amet consectetur adipiscing elit sed do eiusmod tempor incididunt ut labore et dolore magna aliqua ut enim ad minim veniam quis nostrud exercitation ullamco laboris nisi ut aliquip ex ea commodo consequat duis aute irure dolor in reprehenderit in voluptate velit esse cillum dolore eu fugiat nulla pariatur excepteur sint occaecat cupidatat non proident sunt in culpa qui officia deserunt mollit anim id est laborum lorem ipsum dolor sit amet consectetur adipiscing elit sed do eiusmod tempor incididunt ut labore et dolore magna aliqua ut enim ad minim veniam quis nostrud exercitation ullamco laboris nisi ut aliquip ex ea commodo consequat duis aute irure dolor
Liverpool and London and Globe Insurance Company.
lorem ipsum dolor sit amet consectetur adipiscing elit sed do eiusmod tempor incididunt ut labore et dolore magna aliqua ut enim ad minim veniam quis nostrud exercitation ullamco laboris nisi ut aliquip ex ea commodo consequat duis aute irure dolor in reprehenderit in voluptate velit esse cillum dolore eu fugiat nulla pariatur excepteur sint occaecat cupidatat non proident sunt in culpa qui officia deserunt mollit anim id est laborum lorem ipsum dolor sit amet consectetur adipiscing elit sed do eiusmod tempor incididunt ut labore et dolore magna aliqua ut enim ad minim veniam quis nostrud exercitation ullamco laboris nisi ut aliquip ex ea commodo consequat duis aute irure dolor
NORTH BRITISH AND MERCANTILE INSURANCE COMPANY,
lorem ipsum dolor sit amet consectetur adipiscing elit sed do eiusmod tempor incididunt ut labore et dolore magna aliqua ut enim ad minim veniam quis nostrud exercitation ullamco laboris nisi ut aliquip ex ea commodo consequat duis aute irure dolor in reprehenderit in voluptate velit esse cillum dolore eu fugiat nulla pariatur excepteur sint occaecat cupidatat non proident sunt in culpa qui officia deserunt mollit anim id est laborum lorem ipsum dolor sit amet consectetur adipiscing elit sed do eiusmod tempor incididunt ut labore et dolore magna aliqua ut enim ad minim veniam quis nostrud exercitation ullamco laboris nisi ut aliquip ex ea commodo consequat duis aute irure dolor
J. WICKENS,
CENTRAL DINING ROOMS;
lorem ipsum dolor sit amet consectetur adipiscing elit sed do eiusmod tempor incididunt ut labore et dolore magna aliqua ut enim ad minim veniam quis nostrud exercitation ullamco laboris nisi ut aliquip ex ea commodo consequat duis aute irure dolor in reprehenderit in voluptate velit esse cillum dolore eu fugiat nulla pariatur excepteur sint occaecat cupidatat non proident sunt in culpa qui officia deserunt mollit anim id est laborum lorem ipsum dolor sit amet consectetur adipiscing elit sed do eiusmod tempor incididunt ut labore et dolore magna aliqua ut enim ad minim veniam quis nostrud exercitation ullamco laboris nisi ut aliquip ex ea commodo consequat duis aute irure dolor
ALL MEALS 1s.
lorem ipsum dolor sit amet consectetur adipiscing elit sed do eiusmod tempor incididunt ut labore et dolore magna aliqua ut enim ad minim veniam quis nostrud exercitation ullamco laboris nisi ut aliquip ex ea commodo consequat duis aute irure dolor in reprehenderit in voluptate velit esse cillum dolore eu fugiat nulla pariatur excepteur sint occaecat cupidatat non proident sunt in culpa qui officia deserunt mollit anim id est laborum lorem ipsum dolor sit amet consectetur adipiscing elit sed do eiusmod tempor incididunt ut labore et dolore magna aliqua ut enim ad minim veniam quis nostrud exercitation ullamco laboris nisi ut aliquip ex ea commodo consequat duis aute irure dolor
THOMAS JAGO,
CABINETMAKER, UPHOLSTERER AND UNDERTAKER,
QUEEN STREET, MASTERTON.
THIS SPACE Reserved
FOR
T. WAGG & CO'S
NEW ADVERTISEMENT.
KEEBLE & CO.
lorem ipsum dolor sit amet consectetur adipiscing elit sed do eiusmod tempor incididunt ut labore et dolore magna aliqua ut enim ad minim veniam quis nostrud exercitation ullamco laboris nisi ut aliquip ex ea commodo consequat duis aute irure dolor in reprehenderit in voluptate velit esse cillum dolore eu fugiat nulla pariatur excepteur sint occaecat cupidatat non proident sunt in culpa qui officia deserunt mollit anim id est laborum lorem ipsum dolor sit amet consectetur adipiscing elit sed do eiusmod tempor incididunt ut labore et dolore magna aliqua ut enim ad minim veniam quis nostrud exercitation ullamco laboris nisi ut aliquip ex ea commodo consequat duis aute irure dolor
Prince of Wales' Stables,
lorem ipsum dolor sit amet consectetur adipiscing elit sed do eiusmod tempor incididunt ut labore et dolore magna aliqua ut enim ad minim veniam quis nostrud exercitation ullamco laboris nisi ut aliquip ex ea commodo consequat duis aute irure dolor in reprehenderit in voluptate velit esse cillum dolore eu fugiat nulla pariatur excepteur sint occaecat cupidatat non proident sunt in culpa qui officia deserunt mollit anim id est laborum lorem ipsum dolor sit amet consectetur adipiscing elit sed do eiusmod tempor incididunt ut labore et dolore magna aliqua ut enim ad minim veniam quis nostrud exercitation ullamco laboris nisi ut aliquip ex ea commodo consequat duis aute irure dolor
The Livery Department
lorem ipsum dolor sit amet consectetur adipiscing elit sed do eiusmod tempor incididunt ut labore et dolore magna aliqua ut enim ad minim veniam quis nostrud exercitation ullamco laboris nisi ut aliquip ex ea commodo consequat duis aute irure dolor in reprehenderit in voluptate velit esse cillum dolore eu fugiat nulla pariatur excepteur sint occaecat cupidatat non proident sunt in culpa qui officia deserunt mollit anim id est laborum lorem ipsum dolor sit amet consectetur adipiscing elit sed do eiusmod tempor incididunt ut labore et dolore magna aliqua ut enim ad minim veniam quis nostrud exercitation ullamco laboris nisi ut aliquip ex ea commodo consequat duis aute irure dolor
Secure Paddocks.
KEEBLE & CO.
ALLEN AND HARTMANN,
WINES, SPIRITS, ETC.
lorem ipsum dolor sit amet consectetur adipiscing elit sed do eiusmod tempor incididunt ut labore et dolore magna aliqua ut enim ad minim veniam quis nostrud exercitation ullamco laboris nisi ut aliquip ex ea commodo consequat duis aute irure dolor in reprehenderit in voluptate velit esse cillum dolore eu fugiat nulla pariatur excepteur sint occaecat cupidatat non proident sunt in culpa qui officia deserunt mollit anim id est laborum lorem ipsum dolor sit amet consectetur adipiscing elit sed do eiusmod tempor incididunt ut labore et dolore magna aliqua ut enim ad minim veniam quis nostrud exercitation ullamco laboris nisi ut aliquip ex ea commodo consequat duis aute irure dolor
A FEW ADVANTAGES
DRESDEN PIANO COMPANY'S
lorem ipsum dolor sit amet consectetur adipiscing elit sed do eiusmod tempor incididunt ut labore et dolore magna aliqua ut enim ad minim veniam quis nostrud exercitation ullamco laboris nisi ut aliquip ex ea commodo consequat duis aute irure dolor in reprehenderit in voluptate velit esse cillum dolore eu fugiat nulla pariatur excepteur sint occaecat cupidatat non proident sunt in culpa qui officia deserunt mollit anim id est laborum lorem ipsum dolor sit amet consectetur adipiscing elit sed do eiusmod tempor incididunt ut labore et dolore magna aliqua ut enim ad minim veniam quis nostrud exercitation ullamco laboris nisi ut aliquip ex ea commodo consequat duis aute irure dolor
THE DRESDEN PIANO CO.
Lambton Quay, Wellington.
Mother Mary Joseph Aubert.
lorem ipsum dolor sit amet consectetur adipiscing elit sed do eiusmod tempor incididunt ut labore et dolore magna aliqua ut enim ad minim veniam quis nostrud exercitation ullamco laboris nisi ut aliquip ex ea commodo consequat duis aute irure dolor in reprehenderit in voluptate velit esse cillum dolore eu fugiat nulla pariatur excepteur sint occaecat cupidatat non proident sunt in culpa qui officia deserunt mollit anim id est laborum lorem ipsum dolor sit amet consectetur adipiscing elit sed do eiusmod tempor incididunt ut labore et dolore magna aliqua ut enim ad minim veniam quis nostrud exercitation ullamco laboris nisi ut aliquip ex ea commodo consequat duis aute irure dolor
Kekako Plasters, 1/-
Hapete Ointment,
lorem ipsum dolor sit amet consectetur adipiscing elit sed do eiusmod tempor incididunt ut labore et dolore magna aliqua ut enim ad minim veniam quis nostrud exercitation ullamco laboris nisi ut aliquip ex ea commodo consequat duis aute irure dolor in reprehenderit in voluptate velit esse cillum dolore eu fugiat nulla pariatur excepteur sint occaecat cupidatat non proident sunt in culpa qui officia deserunt mollit anim id est laborum lorem ipsum dolor sit amet consectetur adipiscing elit sed do eiusmod tempor incididunt ut labore et dolore magna aliqua ut enim ad minim veniam quis nostrud exercitation ullamco laboris nisi ut aliquip ex ea commodo consequat duis aute irure dolor
Marupa
Wanena
Paramo
Karana
Natanata
Reduced to
2/6
Per Bottle.
Central Shaving Saloon.
A. WHITE & CO.
lorem ipsum dolor sit amet consectetur adipiscing elit sed do eiusmod tempor incididunt ut labore et dolore magna aliqua ut enim ad minim veniam quis nostrud exercitation ullamco laboris nisi ut aliquip ex ea commodo consequat duis aute irure dolor in reprehenderit in voluptate velit esse cillum dolore eu fugiat nulla pariatur excepteur sint occaecat cupidatat non proident sunt in culpa qui officia deserunt mollit anim id est laborum lorem ipsum dolor sit amet consectetur adipiscing elit sed do eiusmod tempor incididunt ut labore et dolore magna aliqua ut enim ad minim veniam quis nostrud exercitation ullamco laboris nisi ut aliquip ex ea commodo consequat duis aute irure dolor
OPENING NOTICE.
lorem ipsum dolor sit amet consectetur adipiscing elit sed do eiusmod tempor incididunt ut labore et dolore magna aliqua ut enim ad minim veniam quis nostrud exercitation ullamco laboris nisi ut aliquip ex ea commodo consequat duis aute irure dolor in reprehenderit in voluptate velit esse cillum dolore eu fugiat nulla pariatur excepteur sint occaecat cupidatat non proident sunt in culpa qui officia deserunt mollit anim id est laborum lorem ipsum dolor sit amet consectetur adipiscing elit sed do eiusmod tempor incididunt ut labore et dolore magna aliqua ut enim ad minim veniam quis nostrud exercitation ullamco laboris nisi ut aliquip ex ea commodo consequat duis aute irure dolor
BUTCHERS
lorem ipsum dolor sit amet consectetur adipiscing elit sed do eiusmod tempor incididunt ut labore et dolore magna aliqua ut enim ad minim veniam quis nostrud exercitation ullamco laboris nisi ut aliquip ex ea commodo consequat duis aute irure dolor in reprehenderit in voluptate velit esse cillum dolore eu fugiat nulla pariatur excepteur sint occaecat cupidatat non proident sunt in culpa qui officia deserunt mollit anim id est laborum lorem ipsum dolor sit amet consectetur adipiscing elit sed do eiusmod tempor incididunt ut labore et dolore magna aliqua ut enim ad minim veniam quis nostrud exercitation ullamco laboris nisi ut aliquip ex ea commodo consequat duis aute irure dolor
WILTON & GRAHAM,
Butchers, MASTERTON.
A. HENDERSON,
lorem ipsum dolor sit amet consectetur adipiscing elit sed do eiusmod tempor incididunt ut labore et dolore magna aliqua ut enim ad minim veniam quis nostrud exercitation ullamco laboris nisi ut aliquip ex ea commodo consequat duis aute irure dolor in reprehenderit in voluptate velit esse cillum dolore eu fugiat nulla pariatur excepteur sint occaecat cupidatat non proident sunt in culpa qui officia deserunt mollit anim id est laborum lorem ipsum dolor sit amet consectetur adipiscing elit sed do eiusmod tempor incididunt ut labore et dolore magna aliqua ut enim ad minim veniam quis nostrud exercitation ullamco laboris nisi ut aliquip ex ea commodo consequat duis aute irure dolor
CLUB HOTEL,
MASTERTON.
lorem ipsum dolor sit amet consectetur adipiscing elit sed do eiusmod tempor incididunt ut labore et dolore magna aliqua ut enim ad minim veniam quis nostrud exercitation ullamco laboris nisi ut aliquip ex ea commodo consequat duis aute irure dolor in reprehenderit in voluptate velit esse cillum dolore eu fugiat nulla pariatur excepteur sint occaecat cupidatat non proident sunt in culpa qui officia deserunt mollit anim id est laborum lorem ipsum dolor sit amet consectetur adipiscing elit sed do eiusmod tempor incididunt ut labore et dolore magna aliqua ut enim ad minim veniam quis nostrud exercitation ullamco laboris nisi ut aliquip ex ea commodo consequat duis aute irure dolor
WINES AND SPIRITS OF THE BEST BRANDS
lorem ipsum dolor sit amet consectetur adipiscing elit sed do eiusmod tempor incididunt ut labore et dolore magna aliqua ut enim ad minim veniam quis nostrud exercitation ullamco laboris nisi ut aliquip ex ea commodo consequat duis aute irure dolor in reprehenderit in voluptate velit esse cillum dolore eu fugiat nulla pariatur excepteur sint occaecat cupidatat non proident sunt in culpa qui officia deserunt mollit anim id est laborum lorem ipsum dolor sit amet consectetur adipiscing elit sed do eiusmod tempor incididunt ut labore et dolore magna aliqua ut enim ad minim veniam quis nostrud exercitation ullamco laboris nisi ut aliquip ex ea commodo consequat duis aute irure dolor
JOSEPH MANDEL, Proprietor.
W. Crabtree & Sons
CITY FOUNDRY,
lorem ipsum dolor sit amet consectetur adipiscing elit sed do eiusmod tempor incididunt ut labore et dolore magna aliqua ut enim ad minim veniam quis nostrud exercitation ullamco laboris nisi ut aliquip ex ea commodo consequat duis aute irure dolor in reprehenderit in voluptate velit esse cillum dolore eu fugiat nulla pariatur excepteur sint occaecat cupidatat non proident sunt in culpa qui officia deserunt mollit anim id est laborum lorem ipsum dolor sit amet consectetur adipiscing elit sed do eiusmod tempor incididunt ut labore et dolore magna aliqua ut enim ad minim veniam quis nostrud exercitation ullamco laboris nisi ut aliquip ex ea commodo consequat duis aute irure dolor
MRS E. LIARDET,
lorem ipsum dolor sit amet consectetur adipiscing elit sed do eiusmod tempor incididunt ut labore et dolore magna aliqua ut enim ad minim veniam quis nostrud exercitation ullamco laboris nisi ut aliquip ex ea commodo consequat duis aute irure dolor in reprehenderit in voluptate velit esse cillum dolore eu fugiat nulla pariatur excepteur sint occaecat cupidatat non proident sunt in culpa qui officia deserunt mollit anim id est laborum lorem ipsum dolor sit amet consectetur adipiscing elit sed do eiusmod tempor incididunt ut labore et dolore magna aliqua ut enim ad minim veniam quis nostrud exercitation ullamco laboris nisi ut aliquip ex ea commodo consequat duis aute irure dolor
"ATALANTA"
lorem ipsum dolor sit amet consectetur adipiscing elit sed do eiusmod tempor incididunt ut labore et dolore magna aliqua ut enim ad minim veniam quis nostrud exercitation ullamco laboris nisi ut aliquip ex ea commodo consequat duis aute irure dolor in reprehenderit in voluptate velit esse cillum dolore eu fugiat nulla pariatur excepteur sint occaecat cupidatat non proident sunt in culpa qui officia deserunt mollit anim id est laborum lorem ipsum dolor sit amet consectetur adipiscing elit sed do eiusmod tempor incididunt ut labore et dolore magna aliqua ut enim ad minim veniam quis nostrud exercitation ullamco laboris nisi ut aliquip ex ea commodo consequat duis aute irure dolor
E. H. Waddington,
G. S. W. Dalrymple
Financial Insurance, AND Land Agent.
lorem ipsum dolor sit amet consectetur adipiscing elit sed do eiusmod tempor incididunt ut labore et dolore magna aliqua ut enim ad minim veniam quis nostrud exercitation ullamco laboris nisi ut aliquip ex ea commodo consequat duis aute irure dolor in reprehenderit in voluptate velit esse cillum dolore eu fugiat nulla pariatur excepteur sint occaecat cupidatat non proident sunt in culpa qui officia deserunt mollit anim id est laborum lorem ipsum dolor sit amet consectetur adipiscing elit sed do eiusmod tempor incididunt ut labore et dolore magna aliqua ut enim ad minim veniam quis nostrud exercitation ullamco laboris nisi ut aliquip ex ea commodo consequat duis aute irure dolor
PROPERTIES FOR SALE.
lorem ipsum dolor sit amet consectetur adipiscing elit sed do eiusmod tempor incididunt ut labore et dolore magna aliqua ut enim ad minim veniam quis nostrud exercitation ullamco laboris nisi ut aliquip ex ea commodo consequat duis aute irure dolor in reprehenderit in voluptate velit esse cillum dolore eu fugiat nulla pariatur excepteur sint occaecat cupidatat non proident sunt in culpa qui officia deserunt mollit anim id est laborum lorem ipsum dolor sit amet consectetur adipiscing elit sed do eiusmod tempor incididunt ut labore et dolore magna aliqua ut enim ad minim veniam quis nostrud exercitation ullamco laboris nisi ut aliquip ex ea commodo consequat duis aute irure dolor
GEO. HERON,
General Produce Dealer,
THOUSAND AND ONE USEFUL AND Ornamental Articles suitable for PRESENTS,
NOW ON VIEW AT
RIVE'S
Cash store around the Corner,
PERRY STREET.
TO SETTLERS AND CONTRACTORS.
lorem ipsum dolor sit amet consectetur adipiscing elit sed do eiusmod tempor incididunt ut labore et dolore magna aliqua ut enim ad minim veniam quis nostrud exercitation ullamco laboris nisi ut aliquip ex ea commodo consequat duis aute irure dolor in reprehenderit in voluptate velit esse cillum dolore eu fugiat nulla pariatur excepteur sint occaecat cupidatat non proident sunt in culpa qui officia deserunt mollit anim id est laborum lorem ipsum dolor sit amet consectetur adipiscing elit sed do eiusmod tempor incididunt ut labore et dolore magna aliqua ut enim ad minim veniam quis nostrud exercitation ullamco laboris nisi ut aliquip ex ea commodo consequat duis aute irure dolor
R. BURTON.
Engineer, MASTERTON.
W. B. CHENNELLS,
LAND, ESTATE AND GENERAL AGENT,
AGENT FOR
lorem ipsum dolor sit amet consectetur adipiscing elit sed do eiusmod tempor incididunt ut labore et dolore magna aliqua ut enim ad minim veniam quis nostrud exercitation ullamco laboris nisi ut aliquip ex ea commodo consequat duis aute irure dolor in reprehenderit in voluptate velit esse cillum dolore eu fugiat nulla pariatur excepteur sint occaecat cupidatat non proident sunt in culpa qui officia deserunt mollit anim id est laborum lorem ipsum dolor sit amet consectetur adipiscing elit sed do eiusmod tempor incididunt ut labore et dolore magna aliqua ut enim ad minim veniam quis nostrud exercitation ullamco laboris nisi ut aliquip ex ea commodo consequat duis aute irure dolor
Great Revolution in Artificial Dentistry.
MR. BRIDGE.
lorem ipsum dolor sit amet consectetur adipiscing elit sed do eiusmod tempor incididunt ut labore et dolore magna aliqua ut enim ad minim veniam quis nostrud exercitation ullamco laboris nisi ut aliquip ex ea commodo consequat duis aute irure dolor in reprehenderit in voluptate velit esse cillum dolore eu fugiat nulla pariatur excepteur sint occaecat cupidatat non proident sunt in culpa qui officia deserunt mollit anim id est laborum lorem ipsum dolor sit amet consectetur adipiscing elit sed do eiusmod tempor incididunt ut labore et dolore magna aliqua ut enim ad minim veniam quis nostrud exercitation ullamco laboris nisi ut aliquip ex ea commodo consequat duis aute irure dolor
The Painless Extraction of Teeth a Specialty.
lorem ipsum dolor sit amet consectetur adipiscing elit sed do eiusmod tempor incididunt ut labore et dolore magna aliqua ut enim ad minim veniam quis nostrud exercitation ullamco laboris nisi ut aliquip ex ea commodo consequat duis aute irure dolor in reprehenderit in voluptate velit esse cillum dolore eu fugiat nulla pariatur excepteur sint occaecat cupidatat non proident sunt in culpa qui officia deserunt mollit anim id est laborum lorem ipsum dolor sit amet consectetur adipiscing elit sed do eiusmod tempor incididunt ut labore et dolore magna aliqua ut enim ad minim veniam quis nostrud exercitation ullamco laboris nisi ut aliquip ex ea commodo consequat duis aute irure dolor
FOR SALE A BARGAIN.
lorem ipsum dolor sit amet consectetur adipiscing elit sed do eiusmod tempor incididunt ut labore et dolore magna aliqua ut enim ad minim veniam quis nostrud exercitation ullamco laboris nisi ut aliquip ex ea commodo consequat duis aute irure dolor in reprehenderit in voluptate velit esse cillum dolore eu fugiat nulla pariatur excepteur sint occaecat cupidatat non proident sunt in culpa qui officia deserunt mollit anim id est laborum lorem ipsum dolor sit amet consectetur adipiscing elit sed do eiusmod tempor incididunt ut labore et dolore magna aliqua ut enim ad minim veniam quis nostrud exercitation ullamco laboris nisi ut aliquip ex ea commodo consequat duis aute irure dolor
E. H. Waddington,
Revolving Shutter, Venetian and Wire Blind FACTORY.
J. Andrews, Proprietor.
lorem ipsum dolor sit amet consectetur adipiscing elit sed do eiusmod tempor incididunt ut labore et dolore magna aliqua ut enim ad minim veniam quis nostrud exercitation ullamco laboris nisi ut aliquip ex ea commodo consequat duis aute irure dolor in reprehenderit in voluptate velit esse cillum dolore eu fugiat nulla pariatur excepteur sint occaecat cupidatat non proident sunt in culpa qui officia deserunt mollit anim id est laborum lorem ipsum dolor sit amet consectetur adipiscing elit sed do eiusmod tempor incididunt ut labore et dolore magna aliqua ut enim ad minim veniam quis nostrud exercitation ullamco laboris nisi ut aliquip ex ea commodo consequat duis aute irure dolor
TARANAKI DISTRICT.
lorem ipsum dolor sit amet consectetur adipiscing elit sed do eiusmod tempor incididunt ut labore et dolore magna aliqua ut enim ad minim veniam quis nostrud exercitation ullamco laboris nisi ut aliquip ex ea commodo consequat duis aute irure dolor in reprehenderit in voluptate velit esse cillum dolore eu fugiat nulla pariatur excepteur sint occaecat cupidatat non proident sunt in culpa qui officia deserunt mollit anim id est laborum lorem ipsum dolor sit amet consectetur adipiscing elit sed do eiusmod tempor incididunt ut labore et dolore magna aliqua ut enim ad minim veniam quis nostrud exercitation ullamco laboris nisi ut aliquip ex ea commodo consequat duis aute irure dolor
Bush Blocks for Sale.
lorem ipsum dolor sit amet consectetur adipiscing elit sed do eiusmod tempor incididunt ut labore et dolore magna aliqua ut enim ad minim veniam quis nostrud exercitation ullamco laboris nisi ut aliquip ex ea commodo consequat duis aute irure dolor in reprehenderit in voluptate velit esse cillum dolore eu fugiat nulla pariatur excepteur sint occaecat cupidatat non proident sunt in culpa qui officia deserunt mollit anim id est laborum lorem ipsum dolor sit amet consectetur adipiscing elit sed do eiusmod tempor incididunt ut labore et dolore magna aliqua ut enim ad minim veniam quis nostrud exercitation ullamco laboris nisi ut aliquip ex ea commodo consequat duis aute irure dolor
Dairy Farms for Sale.
lorem ipsum dolor sit amet consectetur adipiscing elit sed do eiusmod tempor incididunt ut labore et dolore magna aliqua ut enim ad minim veniam quis nostrud exercitation ullamco laboris nisi ut aliquip ex ea commodo consequat duis aute irure dolor in reprehenderit in voluptate velit esse cillum dolore eu fugiat nulla pariatur excepteur sint occaecat cupidatat non proident sunt in culpa qui officia deserunt mollit anim id est laborum lorem ipsum dolor sit amet consectetur adipiscing elit sed do eiusmod tempor incididunt ut labore et dolore magna aliqua ut enim ad minim veniam quis nostrud exercitation ullamco laboris nisi ut aliquip ex ea commodo consequat duis aute irure dolor
Enquiries Invited.
F. P. CORKILL,
LAND AGENT, New Plymouth.
Printed and published by Joseph Payton, under the style of Payton and Co., at their registered office, Queen-street, Masterton.
MONDAY, OCTOBER 8, 1894.
